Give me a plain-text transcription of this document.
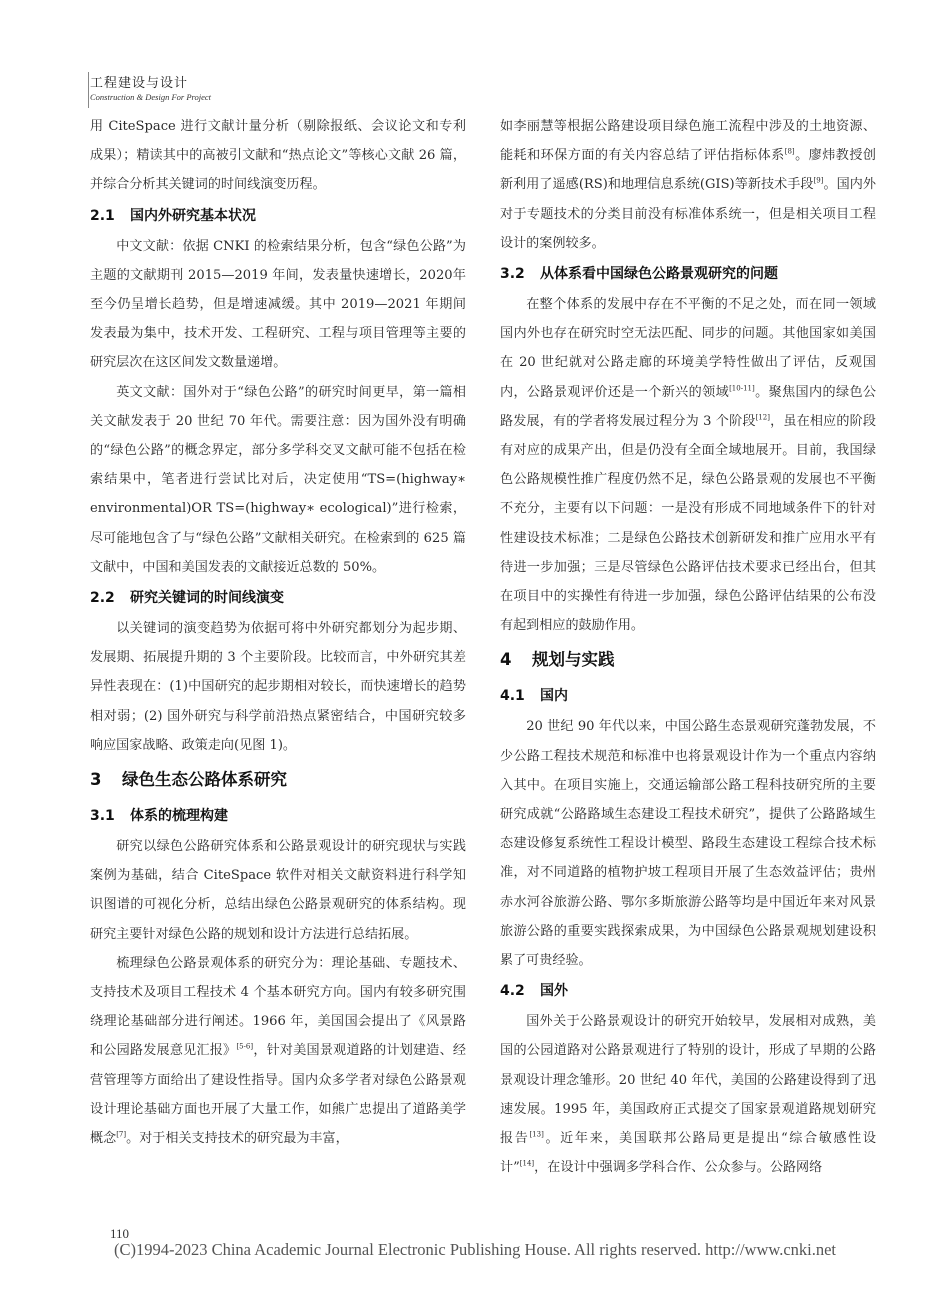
工程建设与设计
Construction & Design For Project

用 CiteSpace 进行文献计量分析（剔除报纸、会议论文和专利成果）；精读其中的高被引文献和“热点论文”等核心文献 26 篇，并综合分析其关键词的时间线演变历程。

2.1 国内外研究基本状况

中文文献：依据 CNKI 的检索结果分析，包含“绿色公路”为主题的文献期刊 2015—2019 年间，发表量快速增长，2020年至今仍呈增长趋势，但是增速减缓。其中 2019—2021 年期间发表最为集中，技术开发、工程研究、工程与项目管理等主要的研究层次在这区间发文数量递增。

英文文献：国外对于“绿色公路”的研究时间更早，第一篇相关文献发表于 20 世纪 70 年代。需要注意：因为国外没有明确的“绿色公路”的概念界定，部分多学科交叉文献可能不包括在检索结果中，笔者进行尝试比对后，决定使用“TS=(highway∗ environmental)OR TS=(highway∗ ecological)”进行检索，尽可能地包含了与“绿色公路”文献相关研究。在检索到的 625 篇文献中，中国和美国发表的文献接近总数的 50%。

2.2 研究关键词的时间线演变

以关键词的演变趋势为依据可将中外研究都划分为起步期、发展期、拓展提升期的 3 个主要阶段。比较而言，中外研究其差异性表现在：(1)中国研究的起步期相对较长，而快速增长的趋势相对弱；(2) 国外研究与科学前沿热点紧密结合，中国研究较多响应国家战略、政策走向(见图 1)。

3 绿色生态公路体系研究
3.1 体系的梳理构建

研究以绿色公路研究体系和公路景观设计的研究现状与实践案例为基础，结合 CiteSpace 软件对相关文献资料进行科学知识图谱的可视化分析，总结出绿色公路景观研究的体系结构。现研究主要针对绿色公路的规划和设计方法进行总结拓展。

梳理绿色公路景观体系的研究分为：理论基础、专题技术、支持技术及项目工程技术 4 个基本研究方向。国内有较多研究围绕理论基础部分进行阐述。1966 年，美国国会提出了《风景路和公园路发展意见汇报》[5-6]，针对美国景观道路的计划建造、经营管理等方面给出了建设性指导。国内众多学者对绿色公路景观设计理论基础方面也开展了大量工作，如熊广忠提出了道路美学概念[7]。对于相关支持技术的研究最为丰富，

如李丽慧等根据公路建设项目绿色施工流程中涉及的土地资源、能耗和环保方面的有关内容总结了评估指标体系[8]。廖炜教授创新利用了遥感(RS)和地理信息系统(GIS)等新技术手段[9]。国内外对于专题技术的分类目前没有标准体系统一，但是相关项目工程设计的案例较多。

3.2 从体系看中国绿色公路景观研究的问题

在整个体系的发展中存在不平衡的不足之处，而在同一领域国内外也存在研究时空无法匹配、同步的问题。其他国家如美国在 20 世纪就对公路走廊的环境美学特性做出了评估，反观国内，公路景观评价还是一个新兴的领域[10-11]。聚焦国内的绿色公路发展，有的学者将发展过程分为 3 个阶段[12]，虽在相应的阶段有对应的成果产出，但是仍没有全面全域地展开。目前，我国绿色公路规模性推广程度仍然不足，绿色公路景观的发展也不平衡不充分，主要有以下问题：一是没有形成不同地域条件下的针对性建设技术标准；二是绿色公路技术创新研发和推广应用水平有待进一步加强；三是尽管绿色公路评估技术要求已经出台，但其在项目中的实操性有待进一步加强，绿色公路评估结果的公布没有起到相应的鼓励作用。

4 规划与实践
4.1 国内

20 世纪 90 年代以来，中国公路生态景观研究蓬勃发展，不少公路工程技术规范和标准中也将景观设计作为一个重点内容纳入其中。在项目实施上，交通运输部公路工程科技研究所的主要研究成就“公路路域生态建设工程技术研究”，提供了公路路域生态建设修复系统性工程设计模型、路段生态建设工程综合技术标准，对不同道路的植物护坡工程项目开展了生态效益评估；贵州赤水河谷旅游公路、鄂尔多斯旅游公路等均是中国近年来对风景旅游公路的重要实践探索成果，为中国绿色公路景观规划建设积累了可贵经验。

4.2 国外

国外关于公路景观设计的研究开始较早，发展相对成熟，美国的公园道路对公路景观进行了特别的设计，形成了早期的公路景观设计理念雏形。20 世纪 40 年代，美国的公路建设得到了迅速发展。1995 年，美国政府正式提交了国家景观道路规划研究报告[13]。近年来，美国联邦公路局更是提出“综合敏感性设计”[14]，在设计中强调多学科合作、公众参与。公路网络

110
(C)1994-2023 China Academic Journal Electronic Publishing House. All rights reserved. http://www.cnki.net
